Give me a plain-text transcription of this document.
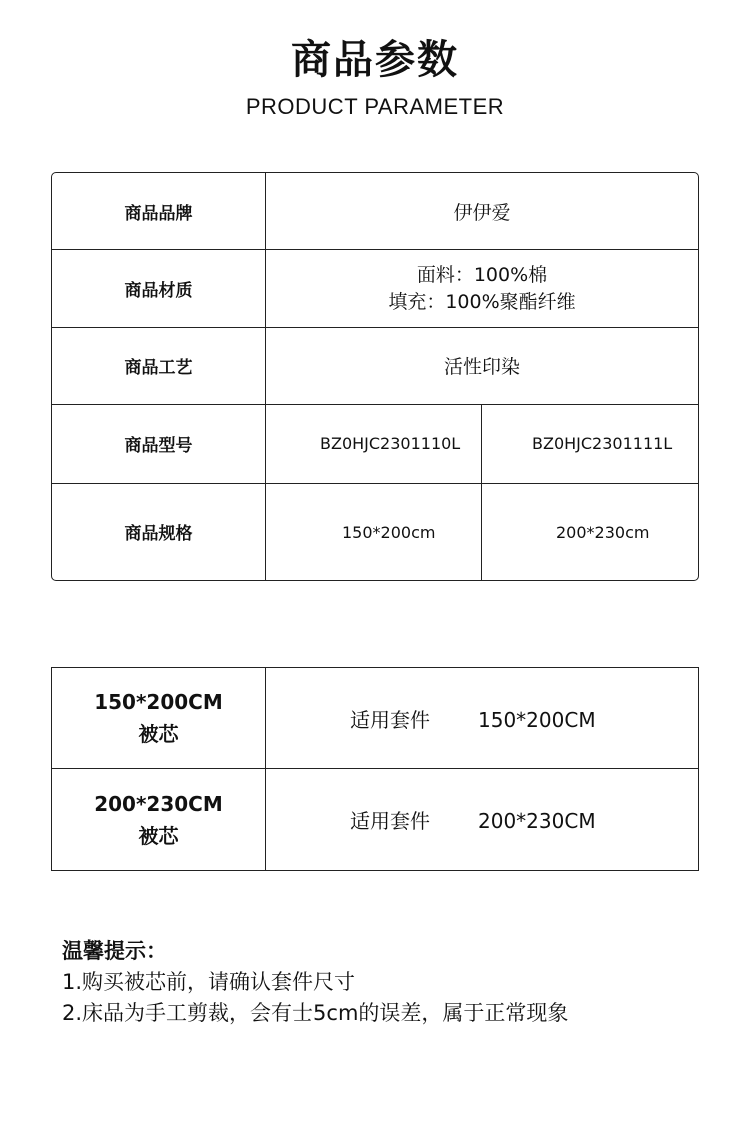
商品参数
PRODUCT PARAMETER
商品品牌	伊伊爱	
商品材质	面料：100%棉
填充：100%聚酯纤维	

商品工艺	活性印染	
商品型号	BZ0HJC2301110L	BZ0HJC2301111L
商品规格	150*200cm	200*230cm
150*200CM
被芯	适用套件 150*200CM

200*230CM
被芯	适用套件 200*230CM
温馨提示：
1.购买被芯前，请确认套件尺寸
2.床品为手工剪裁，会有士5cm的误差，属于正常现象
